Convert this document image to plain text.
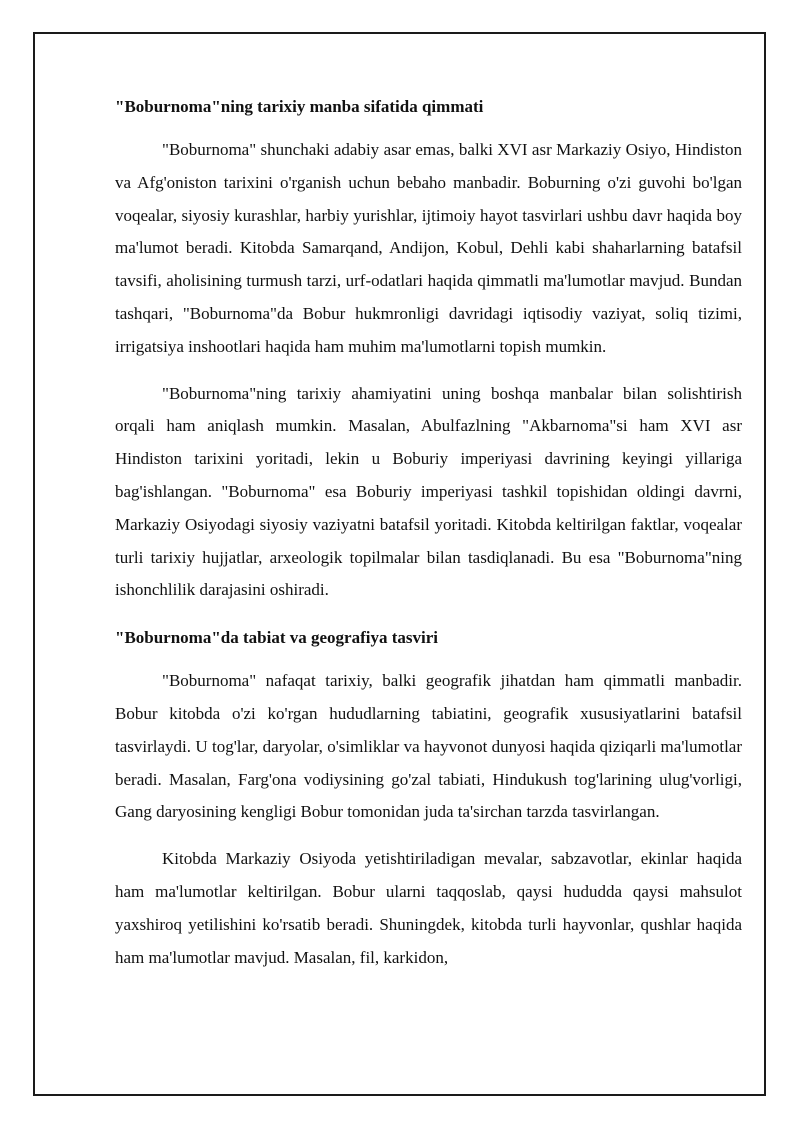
"Boburnoma"ning tarixiy manba sifatida qimmati

"Boburnoma" shunchaki adabiy asar emas, balki XVI asr Markaziy Osiyo, Hindiston va Afg'oniston tarixini o'rganish uchun bebaho manbadir. Boburning o'zi guvohi bo'lgan voqealar, siyosiy kurashlar, harbiy yurishlar, ijtimoiy hayot tasvirlari ushbu davr haqida boy ma'lumot beradi. Kitobda Samarqand, Andijon, Kobul, Dehli kabi shaharlarning batafsil tavsifi, aholisining turmush tarzi, urf-odatlari haqida qimmatli ma'lumotlar mavjud. Bundan tashqari, "Boburnoma"da Bobur hukmronligi davridagi iqtisodiy vaziyat, soliq tizimi, irrigatsiya inshootlari haqida ham muhim ma'lumotlarni topish mumkin.

"Boburnoma"ning tarixiy ahamiyatini uning boshqa manbalar bilan solishtirish orqali ham aniqlash mumkin. Masalan, Abulfazlning "Akbarnoma"si ham XVI asr Hindiston tarixini yoritadi, lekin u Boburiy imperiyasi davrining keyingi yillariga bag'ishlangan. "Boburnoma" esa Boburiy imperiyasi tashkil topishidan oldingi davrni, Markaziy Osiyodagi siyosiy vaziyatni batafsil yoritadi. Kitobda keltirilgan faktlar, voqealar turli tarixiy hujjatlar, arxeologik topilmalar bilan tasdiqlanadi. Bu esa "Boburnoma"ning ishonchlilik darajasini oshiradi.

"Boburnoma"da tabiat va geografiya tasviri

"Boburnoma" nafaqat tarixiy, balki geografik jihatdan ham qimmatli manbadir. Bobur kitobda o'zi ko'rgan hududlarning tabiatini, geografik xususiyatlarini batafsil tasvirlaydi. U tog'lar, daryolar, o'simliklar va hayvonot dunyosi haqida qiziqarli ma'lumotlar beradi. Masalan, Farg'ona vodiysining go'zal tabiati, Hindukush tog'larining ulug'vorligi, Gang daryosining kengligi Bobur tomonidan juda ta'sirchan tarzda tasvirlangan.

Kitobda Markaziy Osiyoda yetishtiriladigan mevalar, sabzavotlar, ekinlar haqida ham ma'lumotlar keltirilgan. Bobur ularni taqqoslab, qaysi hududda qaysi mahsulot yaxshiroq yetilishini ko'rsatib beradi. Shuningdek, kitobda turli hayvonlar, qushlar haqida ham ma'lumotlar mavjud. Masalan, fil, karkidon,
